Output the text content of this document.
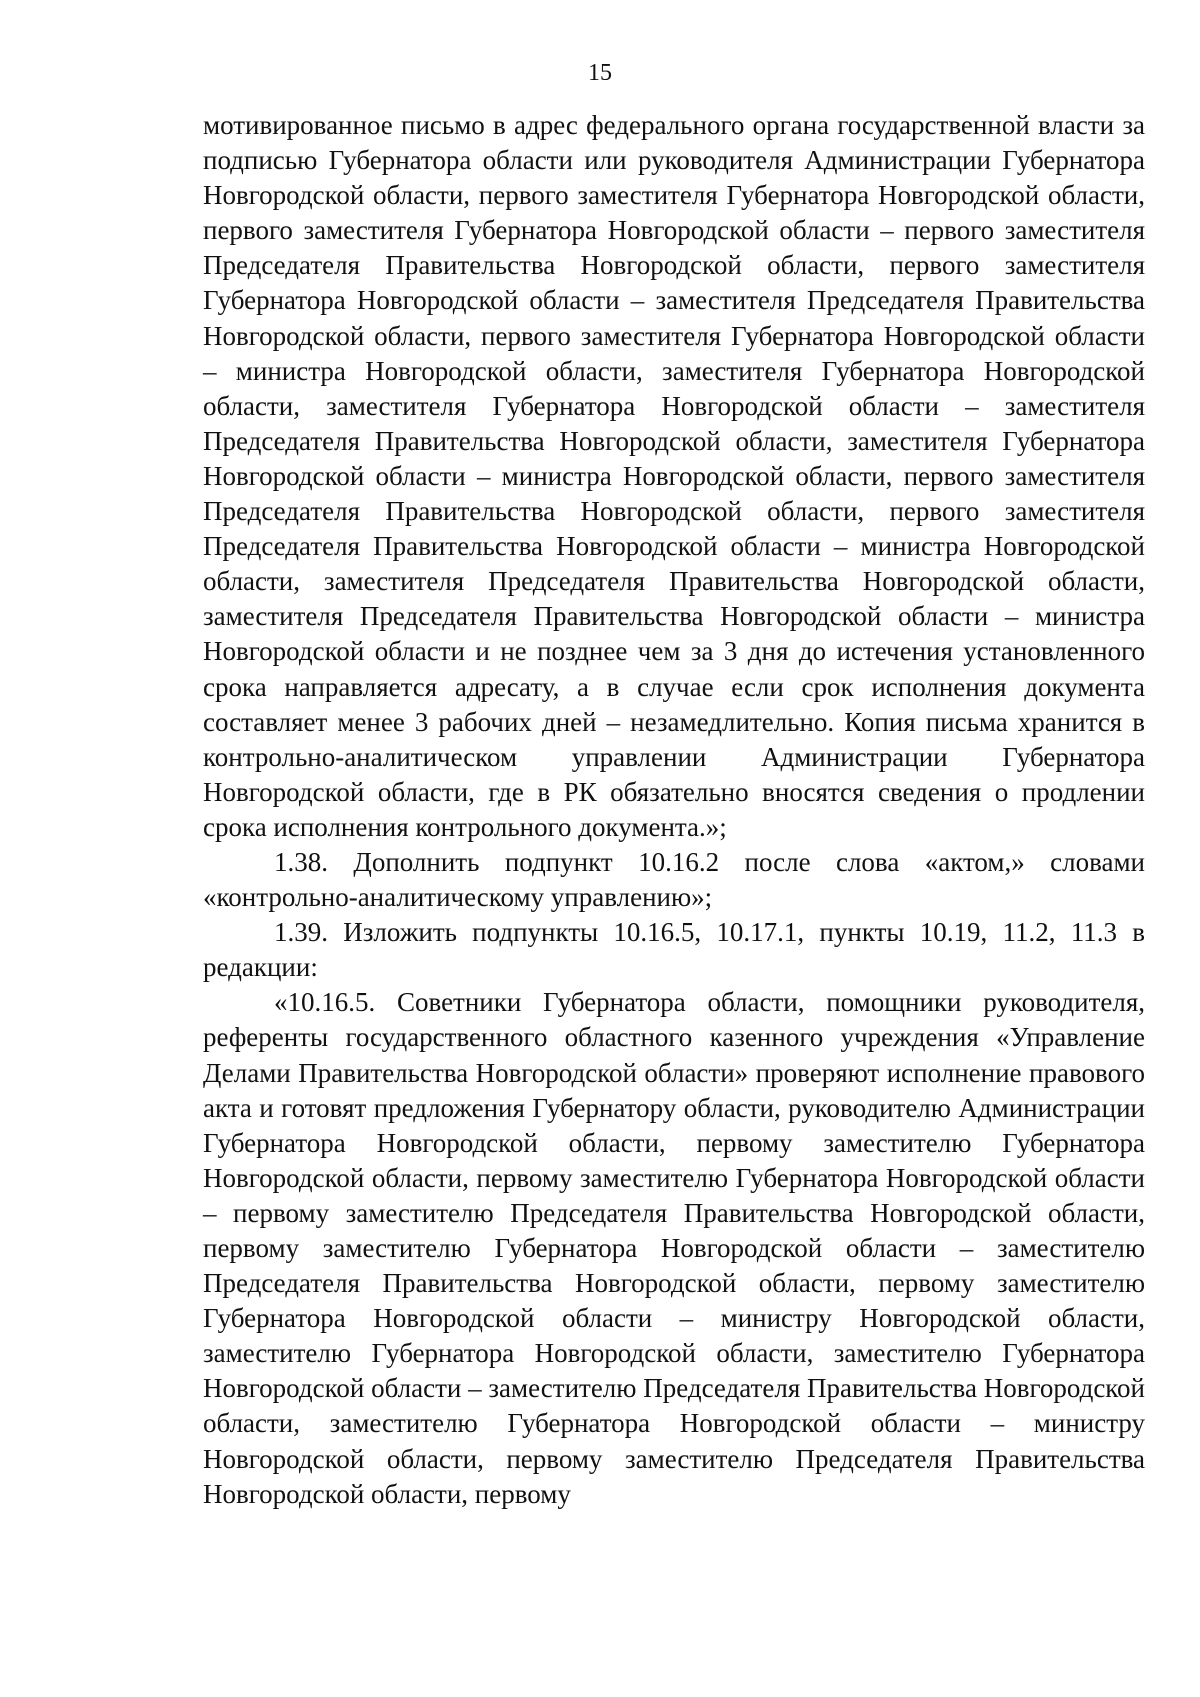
15

мотивированное письмо в адрес федерального органа государственной власти за подписью Губернатора области или руководителя Администрации Губернатора Новгородской области, первого заместителя Губернатора Новгородской области, первого заместителя Губернатора Новгородской области – первого заместителя Председателя Правительства Новгородской области, первого заместителя Губернатора Новгородской области – заместителя Председателя Правительства Новгородской области, первого заместителя Губернатора Новгородской области – министра Новгородской области, заместителя Губернатора Новгородской области, заместителя Губернатора Новгородской области – заместителя Председателя Правительства Новгородской области, заместителя Губернатора Новгородской области – министра Новгородской области, первого заместителя Председателя Правительства Новгородской области, первого заместителя Председателя Правительства Новгородской области – министра Новгородской области, заместителя Председателя Правительства Новгородской области, заместителя Председателя Правительства Новгородской области – министра Новгородской области и не позднее чем за 3 дня до истечения установленного срока направляется адресату, а в случае если срок исполнения документа составляет менее 3 рабочих дней – незамедлительно. Копия письма хранится в контрольно-аналитическом управлении Администрации Губернатора Новгородской области, где в РК обязательно вносятся сведения о продлении срока исполнения контрольного документа.»;

1.38. Дополнить подпункт 10.16.2 после слова «актом,» словами «контрольно-аналитическому управлению»;

1.39. Изложить подпункты 10.16.5, 10.17.1, пункты 10.19, 11.2, 11.3 в редакции:

«10.16.5. Советники Губернатора области, помощники руководителя, референты государственного областного казенного учреждения «Управление Делами Правительства Новгородской области» проверяют исполнение правового акта и готовят предложения Губернатору области, руководителю Администрации Губернатора Новгородской области, первому заместителю Губернатора Новгородской области, первому заместителю Губернатора Новгородской области – первому заместителю Председателя Правительства Новгородской области, первому заместителю Губернатора Новгородской области – заместителю Председателя Правительства Новгородской области, первому заместителю Губернатора Новгородской области – министру Новгородской области, заместителю Губернатора Новгородской области, заместителю Губернатора Новгородской области – заместителю Председателя Правительства Новгородской области, заместителю Губернатора Новгородской области – министру Новгородской области, первому заместителю Председателя Правительства Новгородской области, первому
